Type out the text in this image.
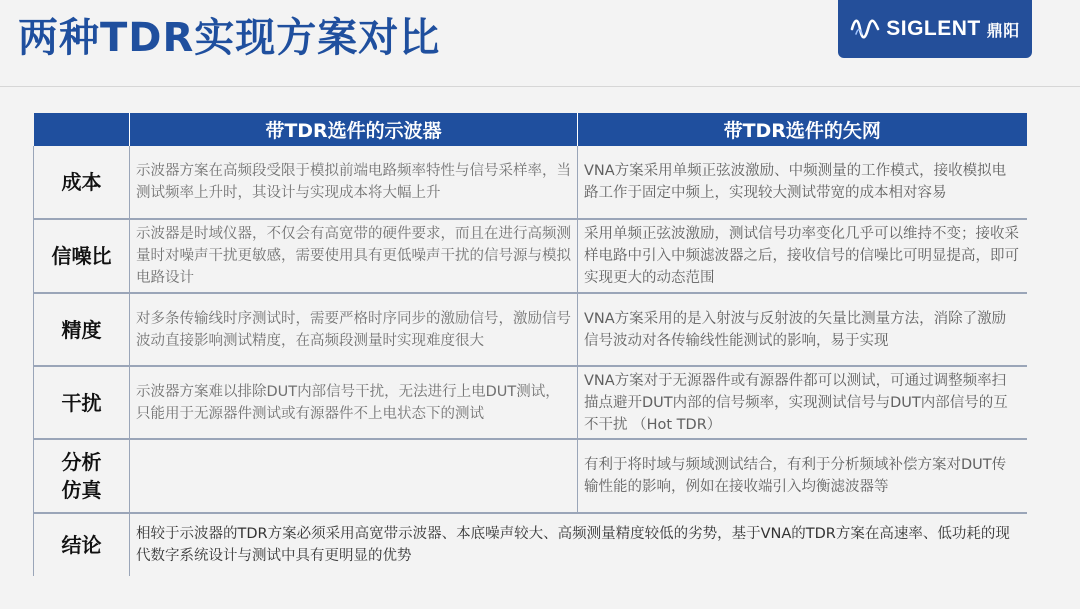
两种TDR实现方案对比	SIGLENT 鼎阳
	带TDR选件的示波器	带TDR选件的矢网
成本	示波器方案在高频段受限于模拟前端电路频率特性与信号采样率，当测试频率上升时，其设计与实现成本将大幅上升	VNA方案采用单频正弦波激励、中频测量的工作模式，接收模拟电路工作于固定中频上，实现较大测试带宽的成本相对容易

信噪比	示波器是时域仪器，不仅会有高宽带的硬件要求，而且在进行高频测量时对噪声干扰更敏感，需要使用具有更低噪声干扰的信号源与模拟电路设计	采用单频正弦波激励，测试信号功率变化几乎可以维持不变；接收采样电路中引入中频滤波器之后，接收信号的信噪比可明显提高，即可实现更大的动态范围

精度	对多条传输线时序测试时，需要严格时序同步的激励信号，激励信号波动直接影响测试精度，在高频段测量时实现难度很大	VNA方案采用的是入射波与反射波的矢量比测量方法，消除了激励信号波动对各传输线性能测试的影响，易于实现

干扰	示波器方案难以排除DUT内部信号干扰，无法进行上电DUT测试，只能用于无源器件测试或有源器件不上电状态下的测试	VNA方案对于无源器件或有源器件都可以测试，可通过调整频率扫描点避开DUT内部的信号频率，实现测试信号与DUT内部信号的互不干扰 （Hot TDR）

分析仿真		有利于将时域与频域测试结合，有利于分析频域补偿方案对DUT传输性能的影响，例如在接收端引入均衡滤波器等

结论	相较于示波器的TDR方案必须采用高宽带示波器、本底噪声较大、高频测量精度较低的劣势，基于VNA的TDR方案在高速率、低功耗的现代数字系统设计与测试中具有更明显的优势	
